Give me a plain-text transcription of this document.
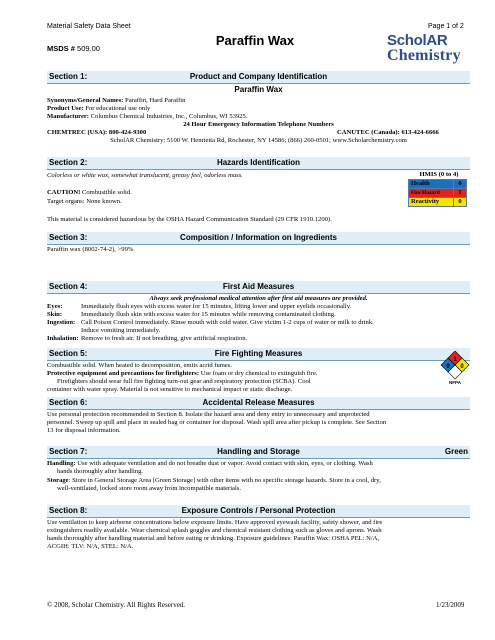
Material Safety Data Sheet	Page 1 of 2
MSDS # 509.00
Paraffin Wax	ScholAR
Chemistry
Product and Company Identification
Section 1:
Paraffin Wax
Synonyms/General Names: Paraffin, Hard Paraffin
Product Use: For educational use only
Manufacturer: Columbus Chemical Industries, Inc., Columbus, WI 53925.
24 Hour Emergency Information Telephone Numbers
CHEMTREC (USA): 800-424-9300	CANUTEC (Canada): 613-424-6666
ScholAR Chemistry; 5100 W. Henrietta Rd, Rochester, NY 14586; (866) 260-0501; www.Scholarchemistry.com
Hazards Identification
Section 2:
Colorless or white wax, somewhat translucent, greasy feel, odorless mass.
CAUTION! Combustible solid.
Target organs: None known.
HMIS (0 to 4)
Health	0
Fire Hazard	1
Reactivity	0
This material is considered hazardous by the OSHA Hazard Communication Standard (29 CFR 1910.1200).
Composition / Information on Ingredients
Section 3:
Paraffin wax (8002-74-2), >99%
First Aid Measures
Section 4:
Always seek professional medical attention after first aid measures are provided.
Eyes:	Immediately flush eyes with excess water for 15 minutes, lifting lower and upper eyelids occasionally.
Skin:	Immediately flush skin with excess water for 15 minutes while removing contaminated clothing.
Ingestion: Call Poison Control immediately. Rinse mouth with cold water. Give victim 1-2 cups of water or milk to drink.
Induce vomiting immediately.
Inhalation: Remove to fresh air. If not breathing, give artificial respiration.
Fire Fighting Measures
Section 5:
Combustible solid. When heated to decomposition, emits acrid fumes.
Protective equipment and precautions for firefighters: Use foam or dry chemical to extinguish fire.
Firefighters should wear full fire fighting turn-out gear and respiratory protection (SCBA). Cool
container with water spray. Material is not sensitive to mechanical impact or static discharge.
1
0 0
NFPA
Accidental Release Measures
Section 6:
Use personal protection recommended in Section 8. Isolate the hazard area and deny entry to unnecessary and unprotected
personnel. Sweep up spill and place in sealed bag or container for disposal. Wash spill area after pickup is complete. See Section
13 for disposal information.
Handling and Storage
Section 7:	Green
Handling: Use with adequate ventilation and do not breathe dust or vapor. Avoid contact with skin, eyes, or clothing. Wash
hands thoroughly after handling.
Storage: Store in General Storage Area [Green Storage] with other items with no specific storage hazards. Store in a cool, dry,
well-ventilated, locked store room away from incompatible materials.
Exposure Controls / Personal Protection
Section 8:
Use ventilation to keep airborne concentrations below exposure limits. Have approved eyewash facility, safety shower, and fire
extinguishers readily available. Wear chemical splash goggles and chemical resistant clothing such as gloves and aprons. Wash
hands thoroughly after handling material and before eating or drinking. Exposure guidelines: Paraffin Wax: OSHA PEL: N/A,
ACGIH: TLV: N/A, STEL: N/A.
© 2008, Scholar Chemistry. All Rights Reserved.	1/23/2009
